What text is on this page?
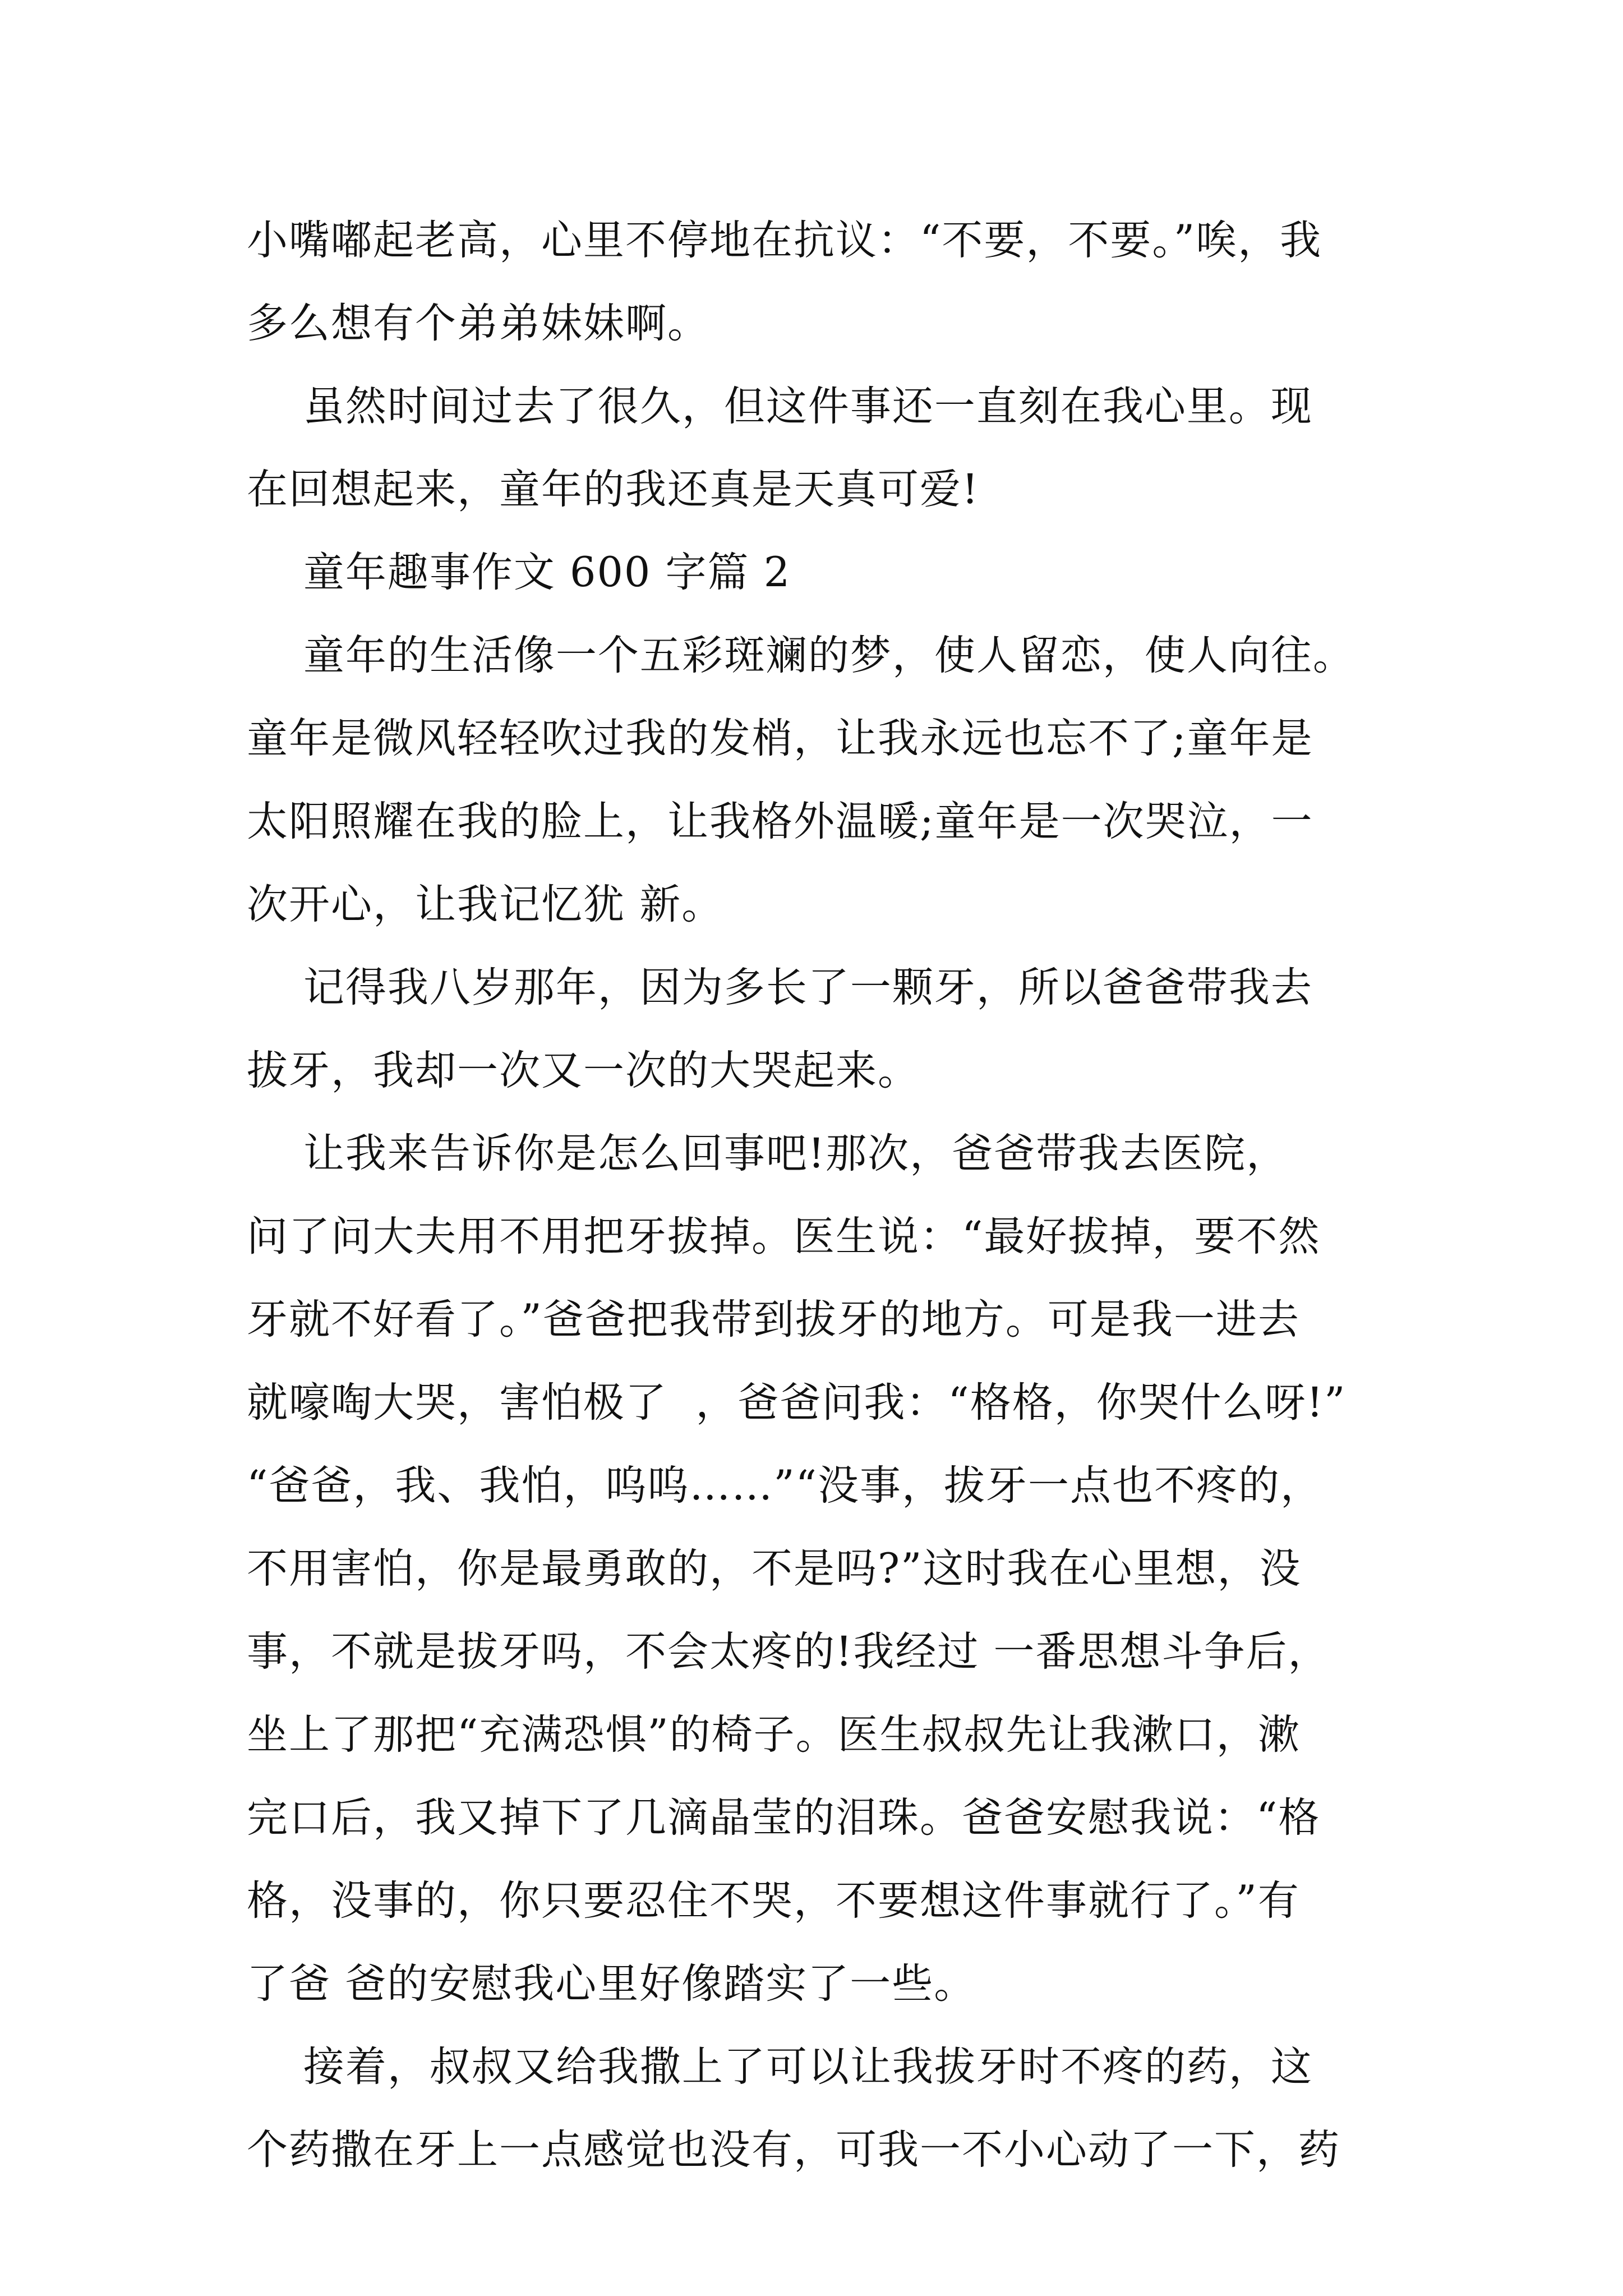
小嘴嘟起老高，心里不停地在抗议：“不要，不要。”唉，我
多么想有个弟弟妹妹啊。
虽然时间过去了很久，但这件事还一直刻在我心里。现
在回想起来，童年的我还真是天真可爱!
童年趣事作文 600 字篇 2
童年的生活像一个五彩斑斓的梦，使人留恋，使人向往。
童年是微风轻轻吹过我的发梢，让我永远也忘不了;童年是
太阳照耀在我的脸上，让我格外温暖;童年是一次哭泣，一
次开心，让我记忆犹 新。
记得我八岁那年，因为多长了一颗牙，所以爸爸带我去
拔牙，我却一次又一次的大哭起来。
让我来告诉你是怎么回事吧!那次，爸爸带我去医院，
问了问大夫用不用把牙拔掉。医生说：“最好拔掉，要不然
牙就不好看了。”爸爸把我带到拔牙的地方。可是我一进去
就嚎啕大哭，害怕极了  ，爸爸问我：“格格，你哭什么呀!”
“爸爸，我、我怕，呜呜……”“没事，拔牙一点也不疼的，
不用害怕，你是最勇敢的，不是吗?”这时我在心里想，没
事，不就是拔牙吗，不会太疼的!我经过 一番思想斗争后，
坐上了那把“充满恐惧”的椅子。医生叔叔先让我漱口，漱
完口后，我又掉下了几滴晶莹的泪珠。爸爸安慰我说：“格
格，没事的，你只要忍住不哭，不要想这件事就行了。”有
了爸 爸的安慰我心里好像踏实了一些。
接着，叔叔又给我撒上了可以让我拔牙时不疼的药，这
个药撒在牙上一点感觉也没有，可我一不小心动了一下，药
